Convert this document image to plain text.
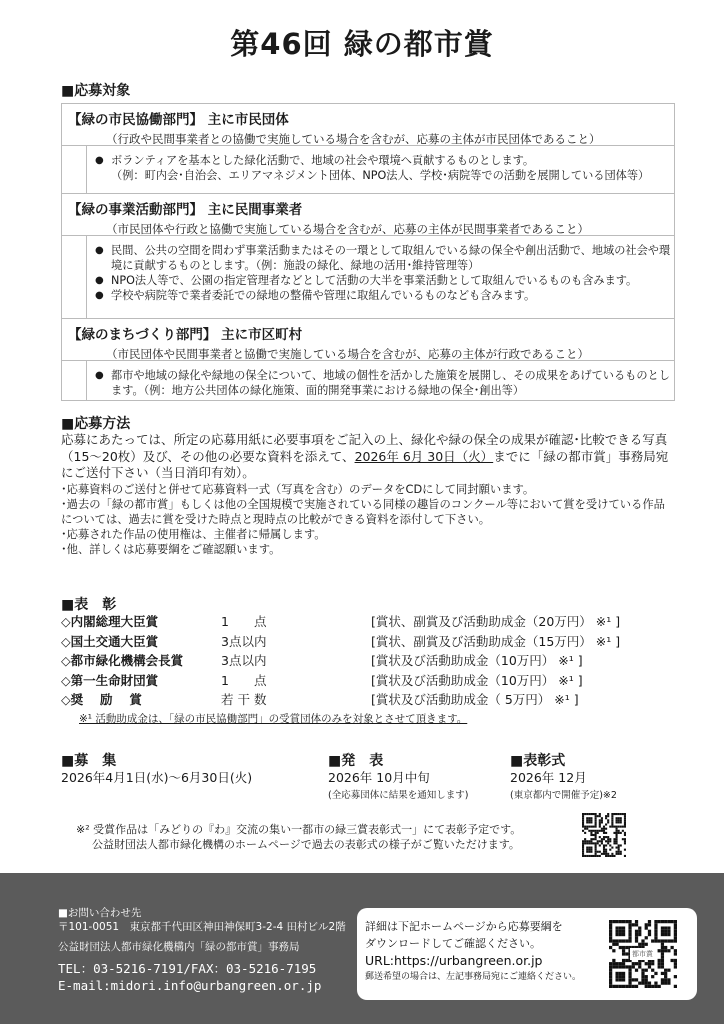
第46回 緑の都市賞
■応募対象
【緑の市民協働部門】 主に市民団体
（行政や民間事業者との協働で実施している場合を含むが、応募の主体が市民団体であること）
● ボランティアを基本とした緑化活動で、地域の社会や環境へ貢献するものとします。
（例：町内会･自治会、エリアマネジメント団体、NPO法人、学校･病院等での活動を展開している団体等）
【緑の事業活動部門】 主に民間事業者
（市民団体や行政と協働で実施している場合を含むが、応募の主体が民間事業者であること）
● 民間、公共の空間を問わず事業活動またはその一環として取組んでいる緑の保全や創出活動で、地域の社会や環境に貢献するものとします。（例：施設の緑化、緑地の活用･維持管理等）
● NPO法人等で、公園の指定管理者などとして活動の大半を事業活動として取組んでいるものも含みます。
● 学校や病院等で業者委託での緑地の整備や管理に取組んでいるものなども含みます。
【緑のまちづくり部門】 主に市区町村
（市民団体や民間事業者と協働で実施している場合を含むが、応募の主体が行政であること）
● 都市や地域の緑化や緑地の保全について、地域の個性を活かした施策を展開し、その成果をあげているものとします。（例：地方公共団体の緑化施策、面的開発事業における緑地の保全･創出等）
■応募方法
応募にあたっては、所定の応募用紙に必要事項をご記入の上、緑化や緑の保全の成果が確認･比較できる写真（15～20枚）及び、その他の必要な資料を添えて、2026年 6月 30日（火）までに「緑の都市賞」事務局宛にご送付下さい（当日消印有効）。
･応募資料のご送付と併せて応募資料一式（写真を含む）のデータをCDにして同封願います。
･過去の「緑の都市賞」もしくは他の全国規模で実施されている同様の趣旨のコンクール等において賞を受けている作品については、過去に賞を受けた時点と現時点の比較ができる資料を添付して下さい。
･応募された作品の使用権は、主催者に帰属します。
･他、詳しくは応募要綱をご確認願います。
■表　彰
◇内閣総理大臣賞	1　　点	[賞状、副賞及び活動助成金（20万円） ※¹ ]
◇国土交通大臣賞	3点以内	[賞状、副賞及び活動助成金（15万円） ※¹ ]
◇都市緑化機構会長賞	3点以内	[賞状及び活動助成金（10万円） ※¹ ]
◇第一生命財団賞	1　　点	[賞状及び活動助成金（10万円） ※¹ ]
◇奨　 励　 賞	若 干 数	[賞状及び活動助成金（ 5万円） ※¹ ]
※¹ 活動助成金は、「緑の市民協働部門」の受賞団体のみを対象とさせて頂きます。
■募　集
2026年4月1日(水)～6月30日(火)
■発　表
2026年 10月中旬
(全応募団体に結果を通知します)
■表彰式
2026年 12月
(東京都内で開催予定)※2
※² 受賞作品は「みどりの『わ』交流の集い一都市の緑三賞表彰式一」にて表彰予定です。
公益財団法人都市緑化機構のホームページで過去の表彰式の様子がご覧いただけます。
■お問い合わせ先
〒101-0051　東京都千代田区神田神保町3-2-4 田村ビル2階
公益財団法人都市緑化機構内「緑の都市賞」事務局
TEL：03-5216-7191/FAX：03-5216-7195
E-mail:midori.info@urbangreen.or.jp
詳細は下記ホームページから応募要綱を
ダウンロードしてご確認ください。
URL:https://urbangreen.or.jp
郵送希望の場合は、左記事務局宛にご連絡ください。
都市賞
